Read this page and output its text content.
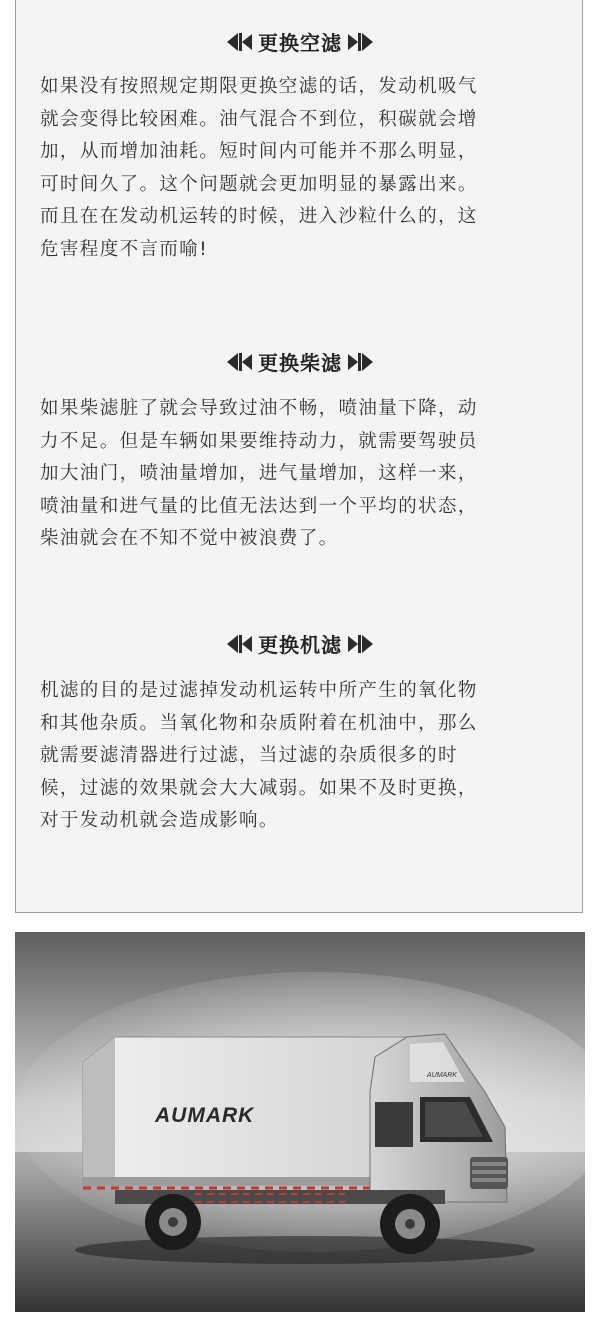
更换空滤
如果没有按照规定期限更换空滤的话，发动机吸气
就会变得比较困难。油气混合不到位，积碳就会增
加，从而增加油耗。短时间内可能并不那么明显，
可时间久了。这个问题就会更加明显的暴露出来。
而且在在发动机运转的时候，进入沙粒什么的，这
危害程度不言而喻!
更换柴滤
如果柴滤脏了就会导致过油不畅，喷油量下降，动
力不足。但是车辆如果要维持动力，就需要驾驶员
加大油门，喷油量增加，进气量增加，这样一来，
喷油量和进气量的比值无法达到一个平均的状态，
柴油就会在不知不觉中被浪费了。
更换机滤
机滤的目的是过滤掉发动机运转中所产生的氧化物
和其他杂质。当氧化物和杂质附着在机油中，那么
就需要滤清器进行过滤，当过滤的杂质很多的时
候，过滤的效果就会大大减弱。如果不及时更换，
对于发动机就会造成影响。
AUMARK
AUMARK
